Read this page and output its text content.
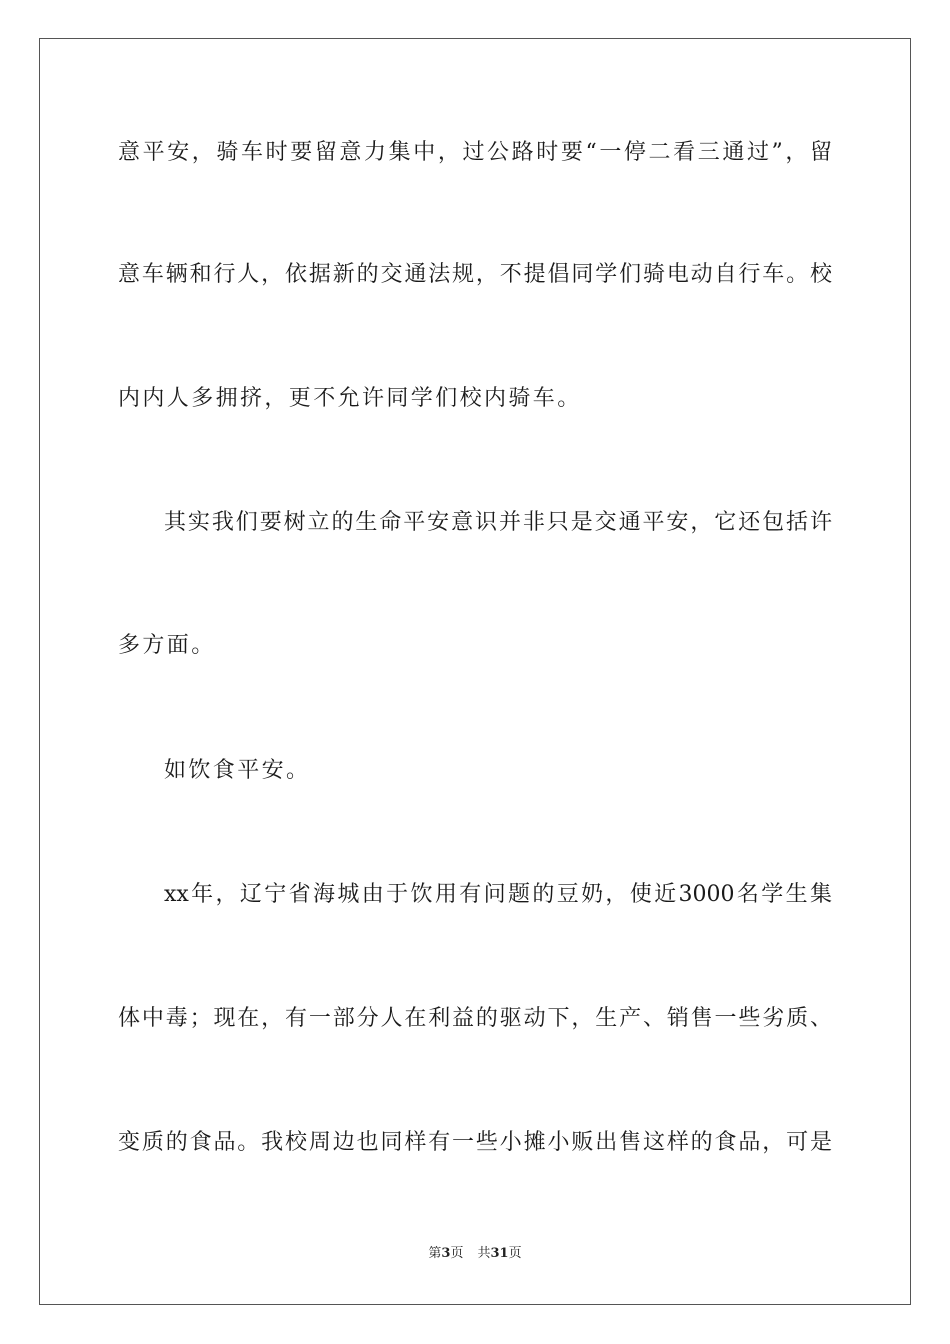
意平安，骑车时要留意力集中，过公路时要“一停二看三通过”，留
意车辆和行人，依据新的交通法规，不提倡同学们骑电动自行车。校
内内人多拥挤，更不允许同学们校内骑车。
其实我们要树立的生命平安意识并非只是交通平安，它还包括许
多方面。
如饮食平安。
xx年，辽宁省海城由于饮用有问题的豆奶，使近3000名学生集
体中毒；现在，有一部分人在利益的驱动下，生产、销售一些劣质、
变质的食品。我校周边也同样有一些小摊小贩出售这样的食品，可是
第3页 共31页
